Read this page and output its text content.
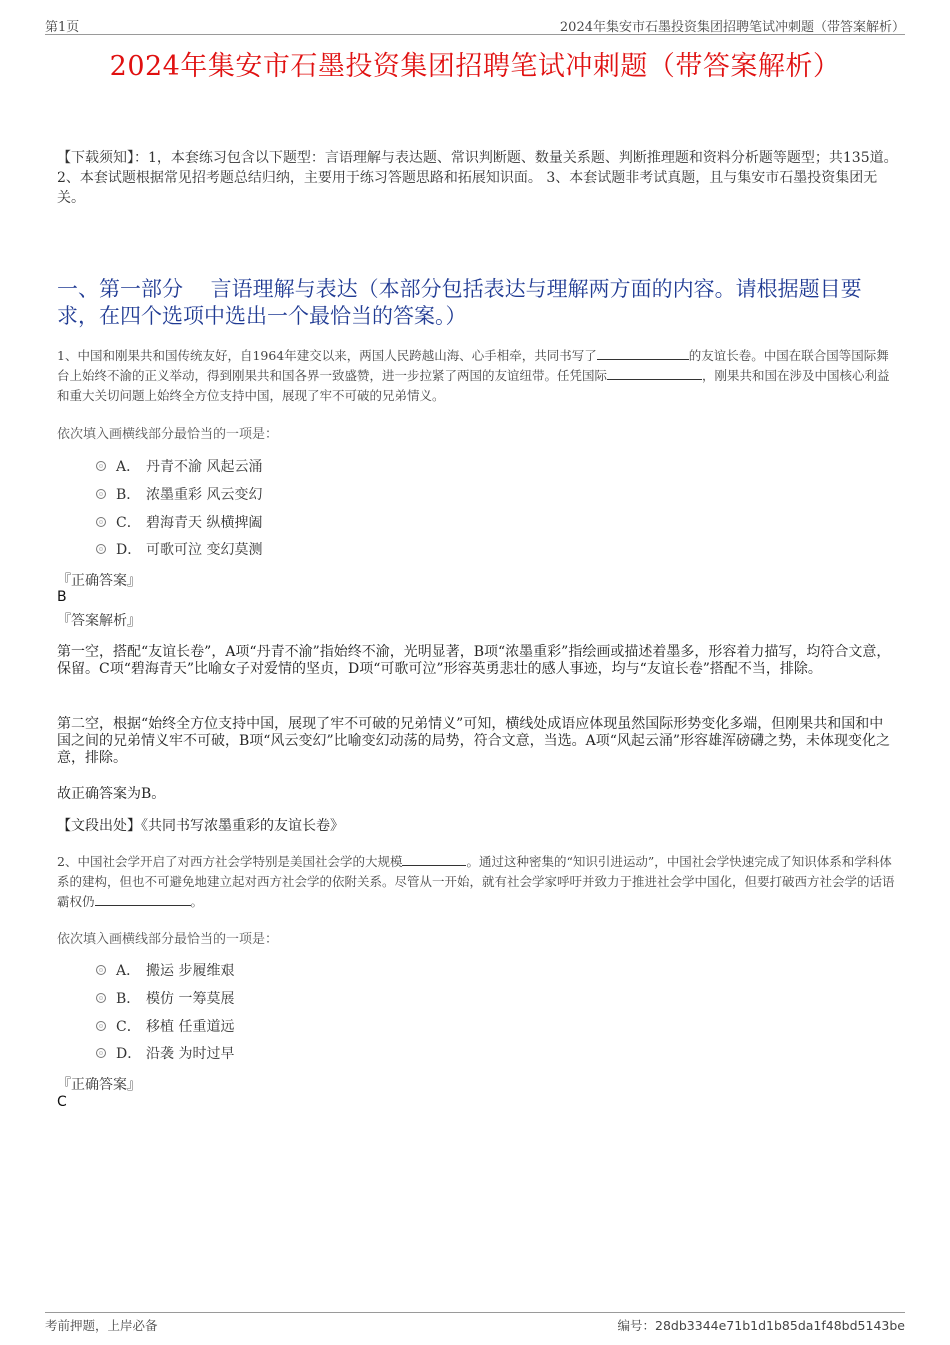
第1页	2024年集安市石墨投资集团招聘笔试冲刺题（带答案解析）
2024年集安市石墨投资集团招聘笔试冲刺题（带答案解析）
【下载须知】：1，本套练习包含以下题型：言语理解与表达题、常识判断题、数量关系题、判断推理题和资料分析题等题型；共135道。 2、本套试题根据常见招考题总结归纳，主要用于练习答题思路和拓展知识面。 3、本套试题非考试真题，且与集安市石墨投资集团无关。
一、第一部分　 言语理解与表达（本部分包括表达与理解两方面的内容。请根据题目要求，在四个选项中选出一个最恰当的答案。）
1、中国和刚果共和国传统友好，自1964年建交以来，两国人民跨越山海、心手相牵，共同书写了	的友谊长卷。中国在联合国等国际舞台上始终不渝的正义举动，得到刚果共和国各界一致盛赞，进一步拉紧了两国的友谊纽带。任凭国际	，刚果共和国在涉及中国核心利益和重大关切问题上始终全方位支持中国，展现了牢不可破的兄弟情义。
依次填入画横线部分最恰当的一项是：
A． 丹青不渝 风起云涌
B． 浓墨重彩 风云变幻
C． 碧海青天 纵横捭阖
D． 可歌可泣 变幻莫测
『正确答案』
B
『答案解析』
第一空，搭配“友谊长卷”，A项“丹青不渝”指始终不渝，光明显著，B项“浓墨重彩”指绘画或描述着墨多，形容着力描写，均符合文意，保留。C项“碧海青天”比喻女子对爱情的坚贞，D项“可歌可泣”形容英勇悲壮的感人事迹，均与“友谊长卷”搭配不当，排除。
第二空，根据“始终全方位支持中国，展现了牢不可破的兄弟情义”可知，横线处成语应体现虽然国际形势变化多端，但刚果共和国和中国之间的兄弟情义牢不可破，B项“风云变幻”比喻变幻动荡的局势，符合文意，当选。A项“风起云涌”形容雄浑磅礴之势，未体现变化之意，排除。
故正确答案为B。
【文段出处】《共同书写浓墨重彩的友谊长卷》
2、中国社会学开启了对西方社会学特别是美国社会学的大规模	。通过这种密集的“知识引进运动”，中国社会学快速完成了知识体系和学科体系的建构，但也不可避免地建立起对西方社会学的依附关系。尽管从一开始，就有社会学家呼吁并致力于推进社会学中国化，但要打破西方社会学的话语霸权仍	。
依次填入画横线部分最恰当的一项是：
A． 搬运 步履维艰
B． 模仿 一筹莫展
C． 移植 任重道远
D． 沿袭 为时过早
『正确答案』
C
考前押题，上岸必备	编号：28db3344e71b1d1b85da1f48bd5143be
